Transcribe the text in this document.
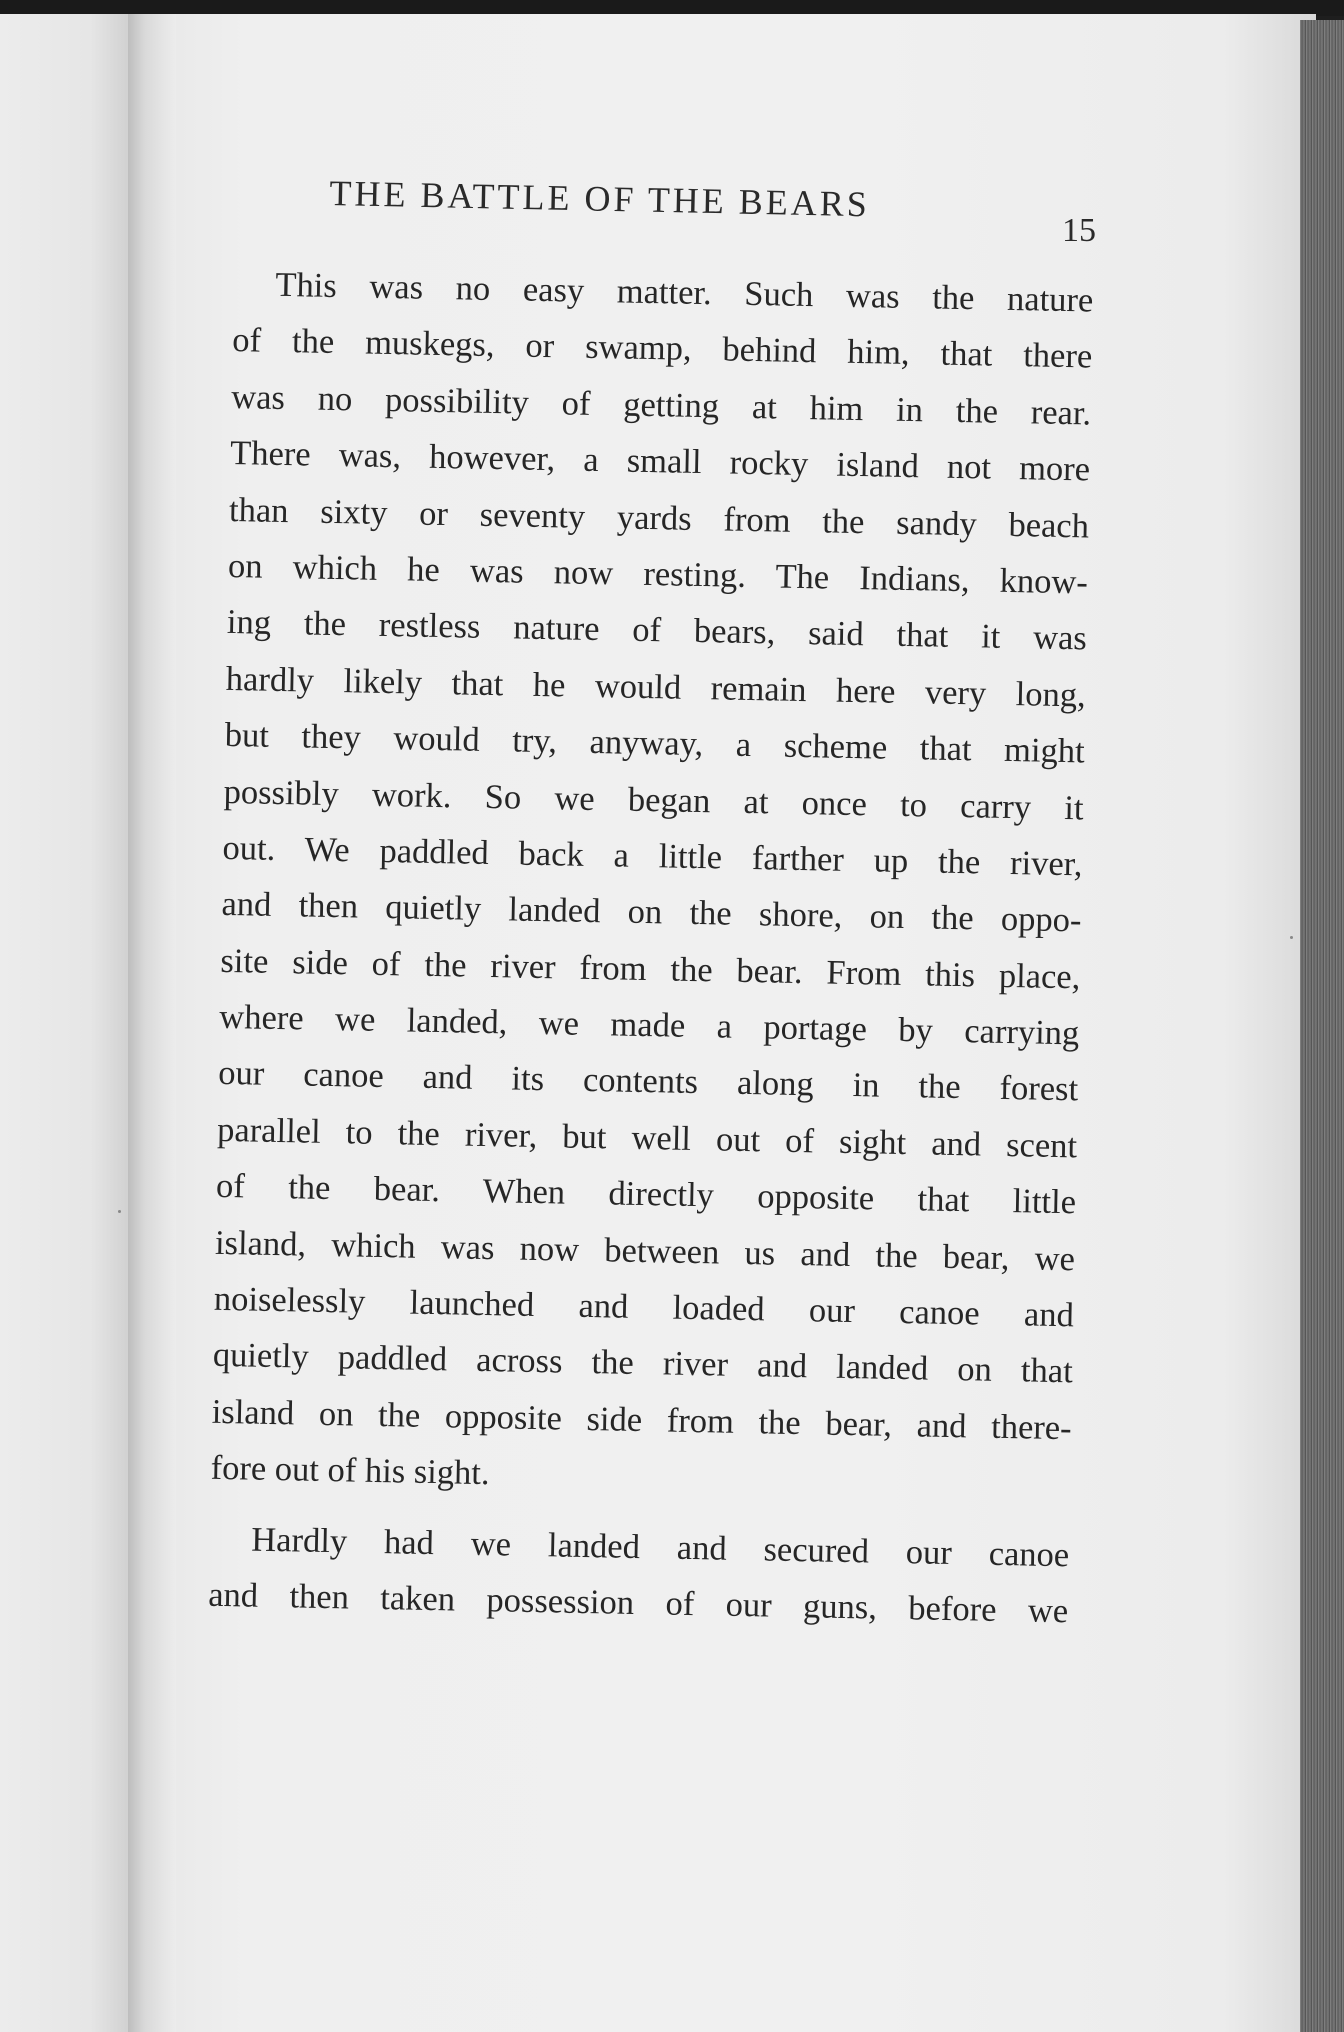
THE BATTLE OF THE BEARS
15
This was no easy matter. Such was the nature
of the muskegs, or swamp, behind him, that there
was no possibility of getting at him in the rear.
There was, however, a small rocky island not more
than sixty or seventy yards from the sandy beach
on which he was now resting. The Indians, know-
ing the restless nature of bears, said that it was
hardly likely that he would remain here very long,
but they would try, anyway, a scheme that might
possibly work. So we began at once to carry it
out. We paddled back a little farther up the river,
and then quietly landed on the shore, on the oppo-
site side of the river from the bear. From this place,
where we landed, we made a portage by carrying
our canoe and its contents along in the forest
parallel to the river, but well out of sight and scent
of the bear. When directly opposite that little
island, which was now between us and the bear, we
noiselessly launched and loaded our canoe and
quietly paddled across the river and landed on that
island on the opposite side from the bear, and there-
fore out of his sight.
Hardly had we landed and secured our canoe
and then taken possession of our guns, before we
